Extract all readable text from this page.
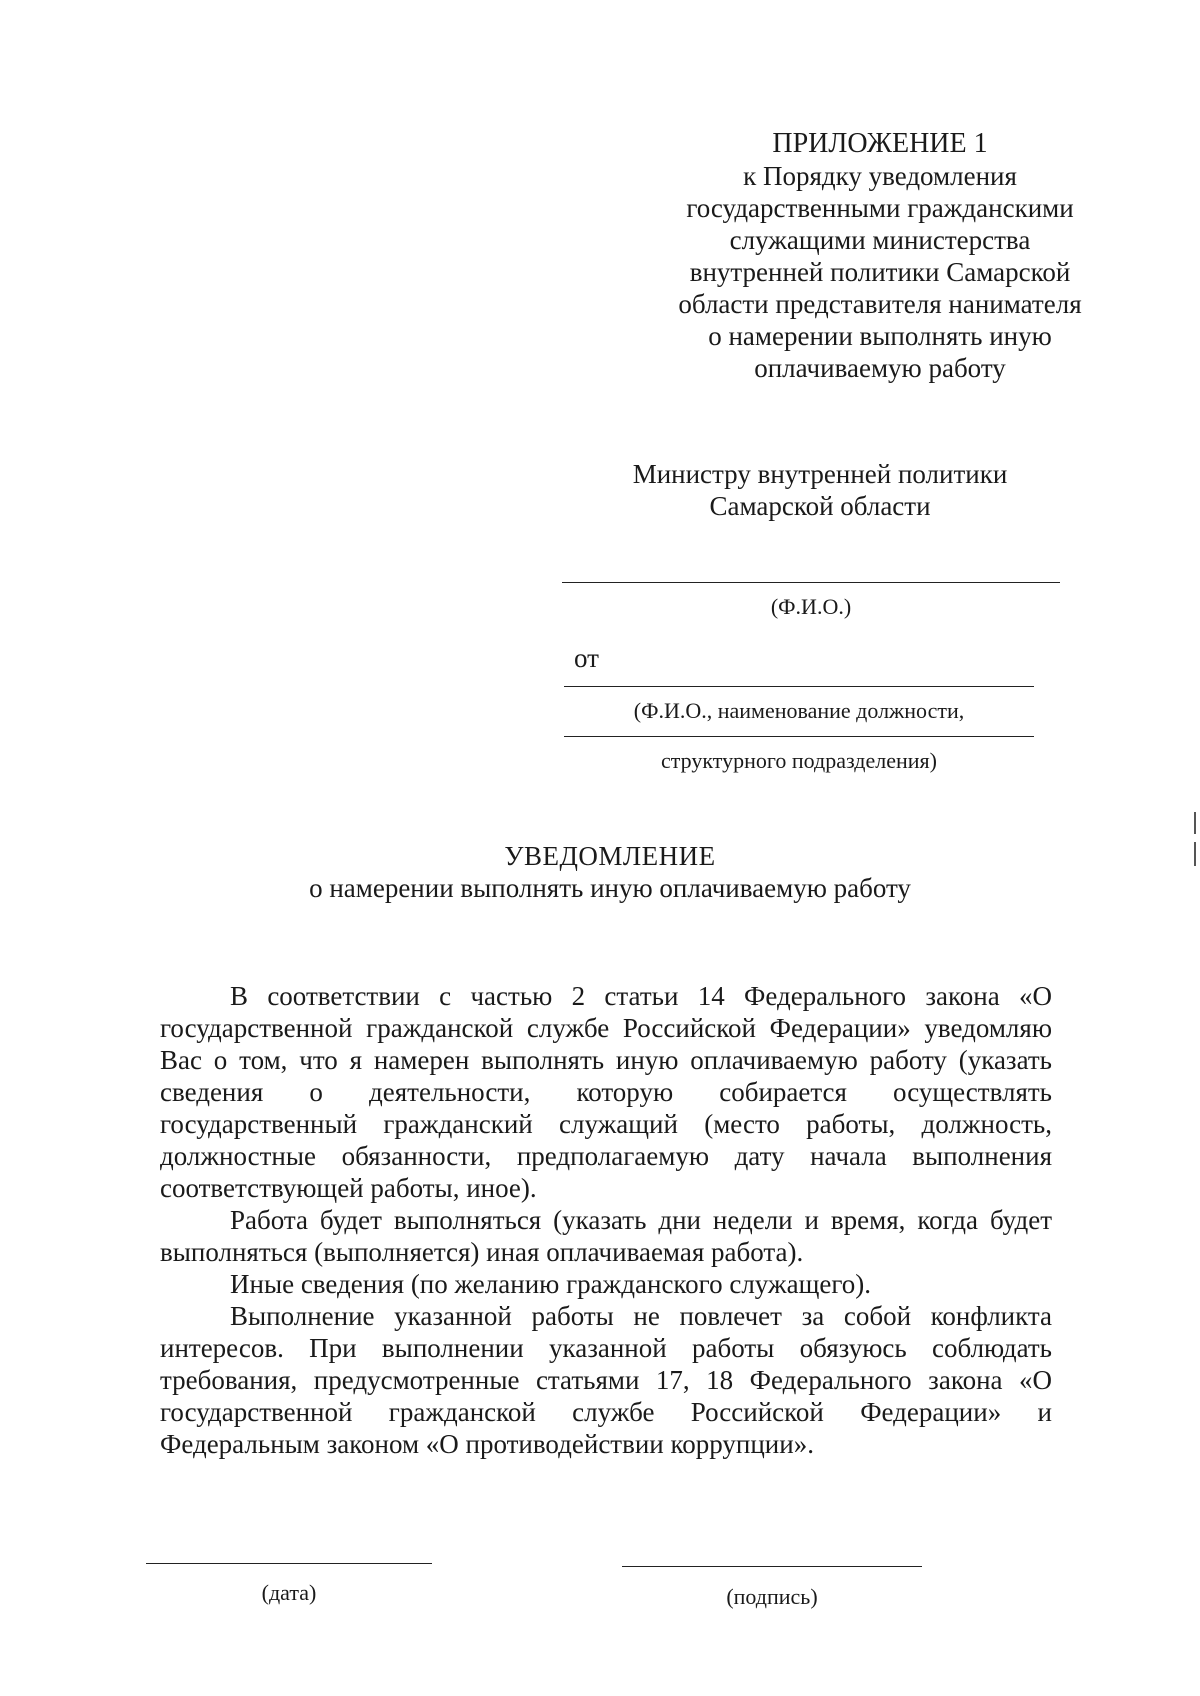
ПРИЛОЖЕНИЕ 1
к Порядку уведомления
государственными гражданскими
служащими министерства
внутренней политики Самарской
области представителя нанимателя
о намерении выполнять иную
оплачиваемую работу
Министру внутренней политики
Самарской области
(Ф.И.О.)
от
(Ф.И.О., наименование должности,
структурного подразделения)
УВЕДОМЛЕНИЕ
о намерении выполнять иную оплачиваемую работу

В соответствии с частью 2 статьи 14 Федерального закона «О государственной гражданской службе Российской Федерации» уведомляю Вас о том, что я намерен выполнять иную оплачиваемую работу (указать сведения о деятельности, которую собирается осуществлять государственный гражданский служащий (место работы, должность, должностные обязанности, предполагаемую дату начала выполнения соответствующей работы, иное).

Работа будет выполняться (указать дни недели и время, когда будет выполняться (выполняется) иная оплачиваемая работа).

Иные сведения (по желанию гражданского служащего).

Выполнение указанной работы не повлечет за собой конфликта интересов. При выполнении указанной работы обязуюсь соблюдать требования, предусмотренные статьями 17, 18 Федерального закона «О государственной гражданской службе Российской Федерации» и Федеральным законом «О противодействии коррупции».

(дата)	(подпись)
